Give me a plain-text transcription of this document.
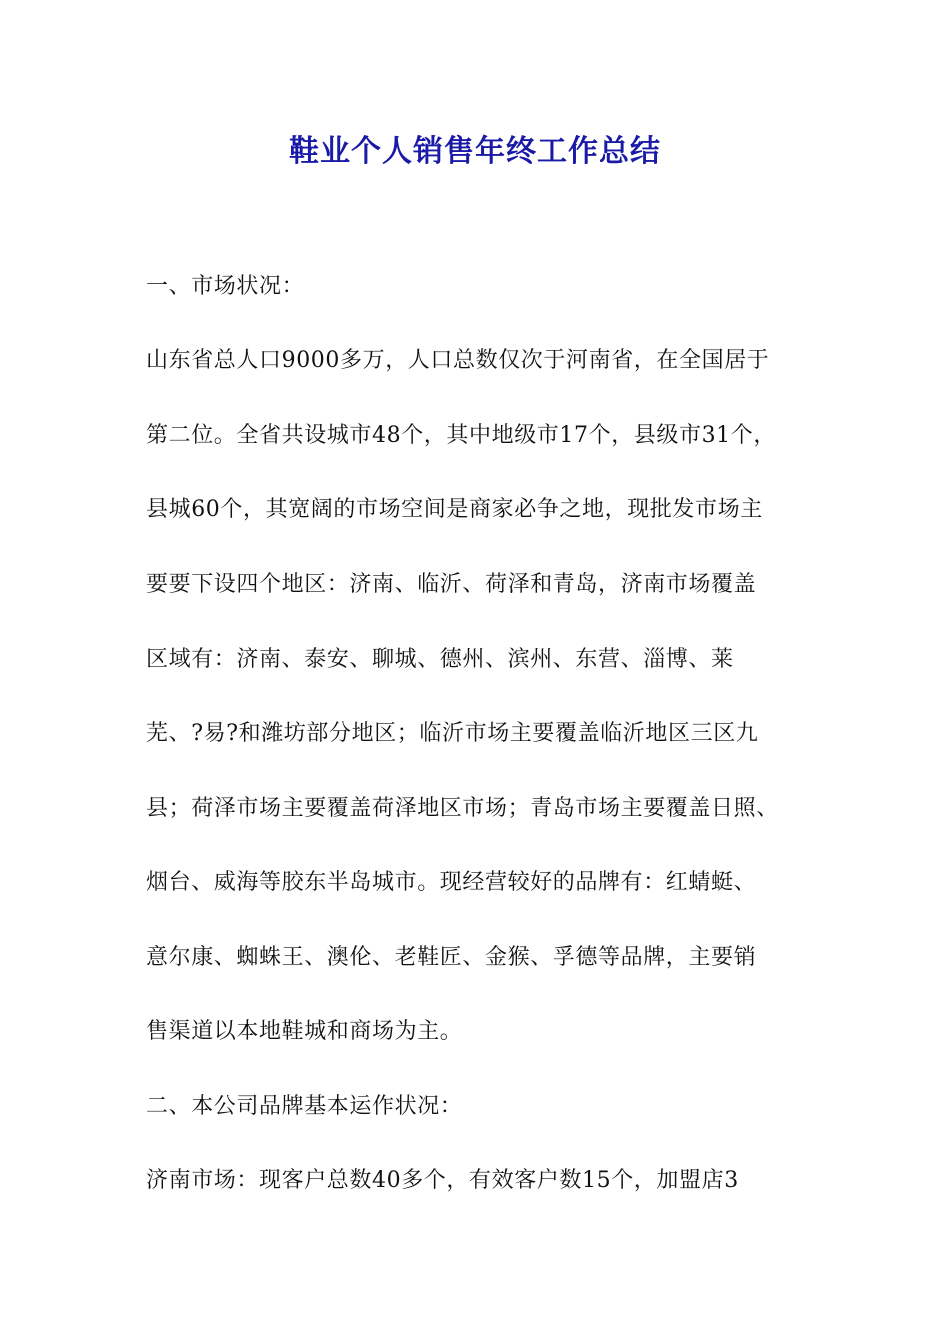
鞋业个人销售年终工作总结
一、市场状况：
山东省总人口9000多万，人口总数仅次于河南省，在全国居于
第二位。全省共设城市48个，其中地级市17个，县级市31个，
县城60个，其宽阔的市场空间是商家必争之地，现批发市场主
要要下设四个地区：济南、临沂、荷泽和青岛，济南市场覆盖
区域有：济南、泰安、聊城、德州、滨州、东营、淄博、莱
芜、?易?和潍坊部分地区；临沂市场主要覆盖临沂地区三区九
县；荷泽市场主要覆盖荷泽地区市场；青岛市场主要覆盖日照、
烟台、威海等胶东半岛城市。现经营较好的品牌有：红蜻蜓、
意尔康、蜘蛛王、澳伦、老鞋匠、金猴、孚德等品牌，主要销
售渠道以本地鞋城和商场为主。
二、本公司品牌基本运作状况：
济南市场：现客户总数40多个，有效客户数15个，加盟店3
